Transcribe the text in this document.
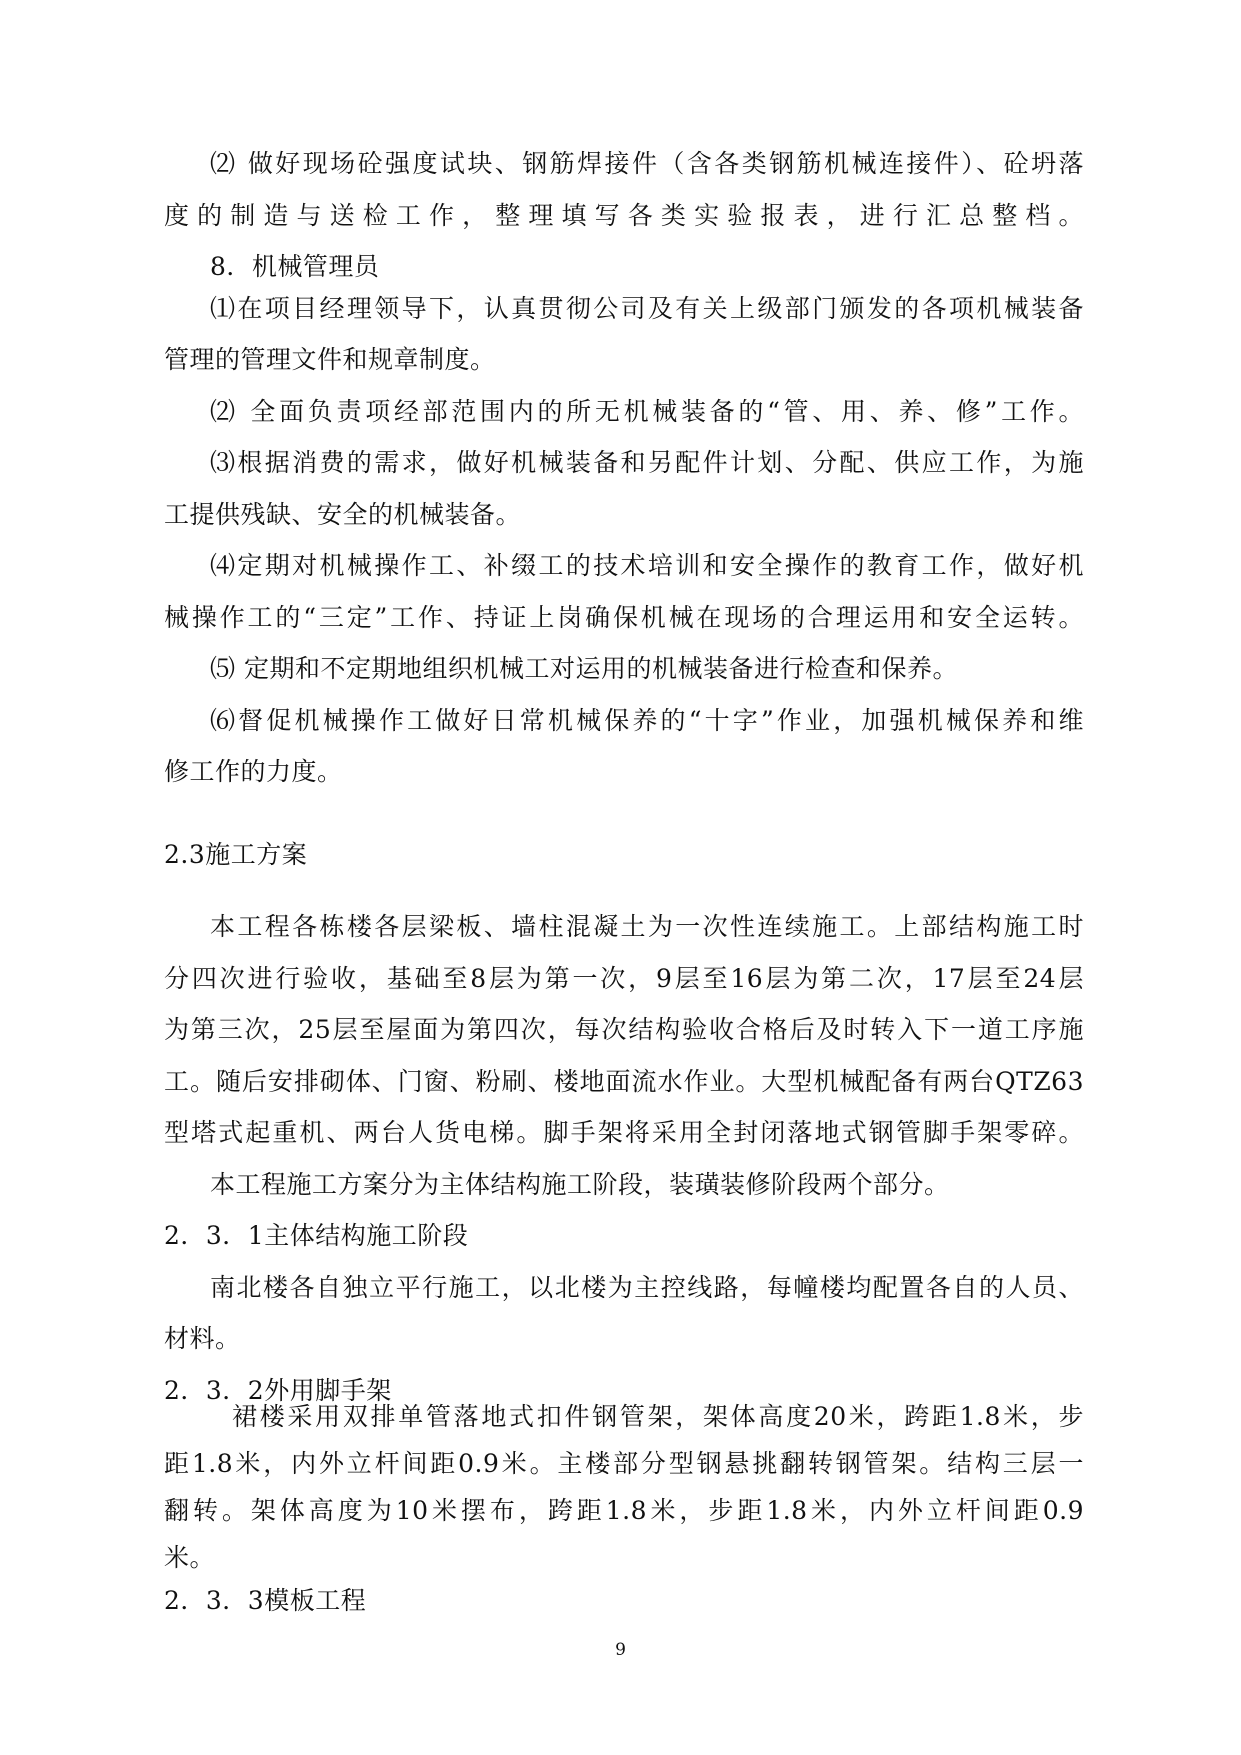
⑵ 做好现场砼强度试块、钢筋焊接件（含各类钢筋机械连接件）、砼坍落
度的制造与送检工作，整理填写各类实验报表，进行汇总整档。
8．机械管理员
⑴在项目经理领导下，认真贯彻公司及有关上级部门颁发的各项机械装备
管理的管理文件和规章制度。
⑵ 全面负责项经部范围内的所无机械装备的“管、用、养、修”工作。
⑶根据消费的需求，做好机械装备和另配件计划、分配、供应工作，为施
工提供残缺、安全的机械装备。
⑷定期对机械操作工、补缀工的技术培训和安全操作的教育工作，做好机
械操作工的“三定”工作、持证上岗确保机械在现场的合理运用和安全运转。
⑸ 定期和不定期地组织机械工对运用的机械装备进行检查和保养。
⑹督促机械操作工做好日常机械保养的“十字”作业，加强机械保养和维
修工作的力度。
2.3施工方案
本工程各栋楼各层梁板、墙柱混凝土为一次性连续施工。上部结构施工时
分四次进行验收，基础至8层为第一次，9层至16层为第二次，17层至24层
为第三次，25层至屋面为第四次，每次结构验收合格后及时转入下一道工序施
工。随后安排砌体、门窗、粉刷、楼地面流水作业。大型机械配备有两台QTZ63
型塔式起重机、两台人货电梯。脚手架将采用全封闭落地式钢管脚手架零碎。
本工程施工方案分为主体结构施工阶段，装璜装修阶段两个部分。
2．3．1主体结构施工阶段
南北楼各自独立平行施工，以北楼为主控线路，每幢楼均配置各自的人员、
材料。
2．3．2外用脚手架
裙楼采用双排单管落地式扣件钢管架，架体高度20米，跨距1.8米，步
距1.8米，内外立杆间距0.9米。主楼部分型钢悬挑翻转钢管架。结构三层一
翻转。架体高度为10米摆布，跨距1.8米，步距1.8米，内外立杆间距0.9
米。
9
2．3．3模板工程
